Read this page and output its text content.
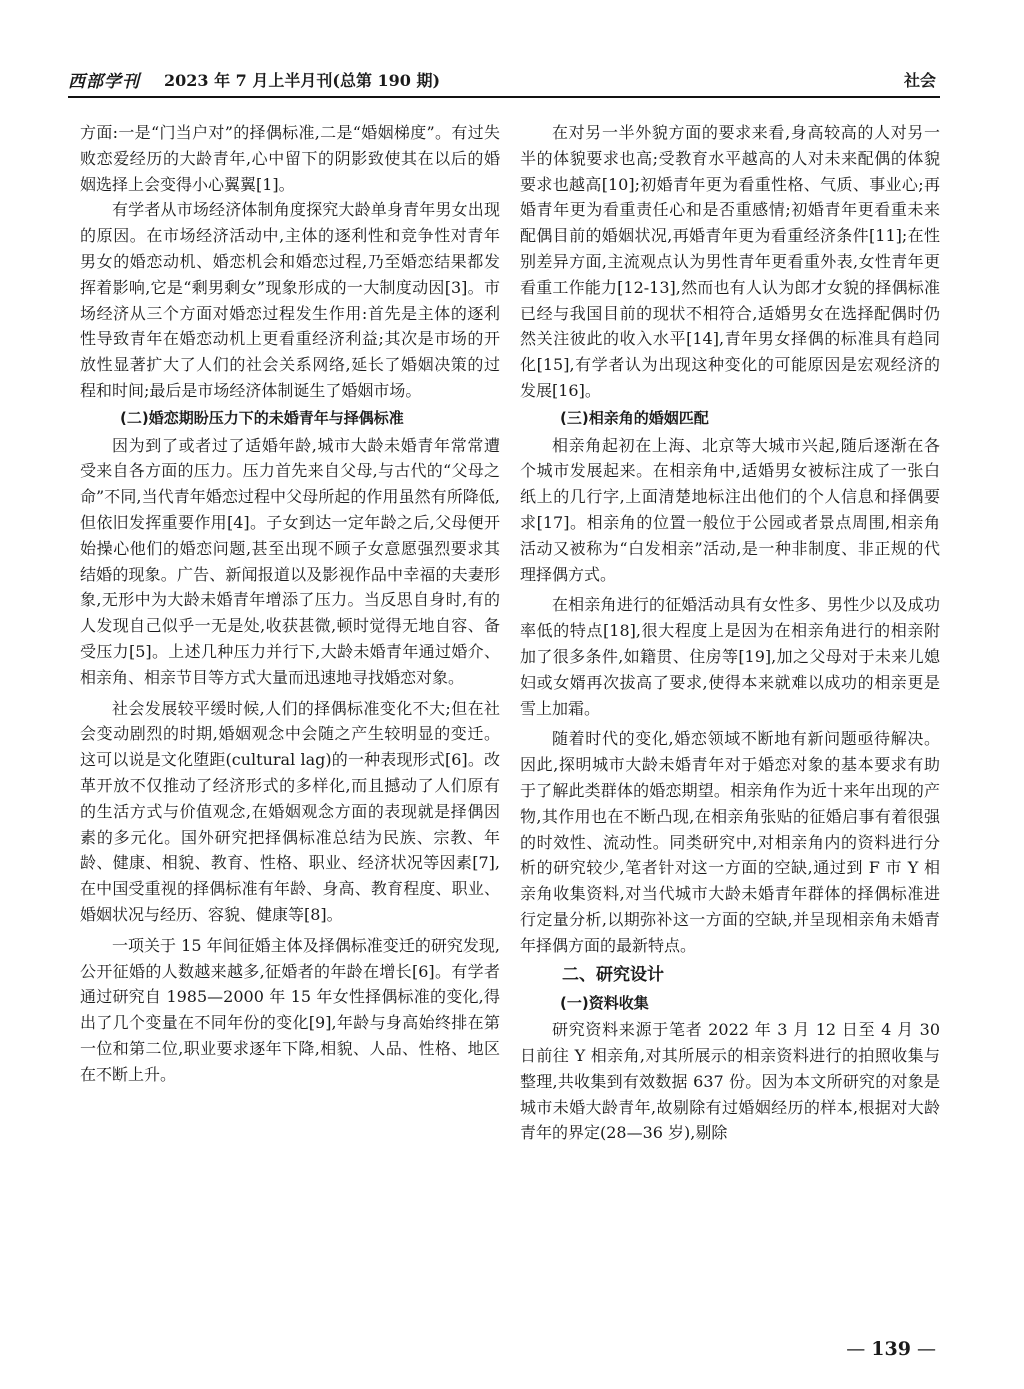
西部学刊 2023 年 7 月上半月刊(总第 190 期)	社会

方面:一是“门当户对”的择偶标准,二是“婚姻梯度”。有过失败恋爱经历的大龄青年,心中留下的阴影致使其在以后的婚姻选择上会变得小心翼翼[1]。

有学者从市场经济体制角度探究大龄单身青年男女出现的原因。在市场经济活动中,主体的逐利性和竞争性对青年男女的婚恋动机、婚恋机会和婚恋过程,乃至婚恋结果都发挥着影响,它是“剩男剩女”现象形成的一大制度动因[3]。市场经济从三个方面对婚恋过程发生作用:首先是主体的逐利性导致青年在婚恋动机上更看重经济利益;其次是市场的开放性显著扩大了人们的社会关系网络,延长了婚姻决策的过程和时间;最后是市场经济体制诞生了婚姻市场。

(二)婚恋期盼压力下的未婚青年与择偶标准

因为到了或者过了适婚年龄,城市大龄未婚青年常常遭受来自各方面的压力。压力首先来自父母,与古代的“父母之命”不同,当代青年婚恋过程中父母所起的作用虽然有所降低,但依旧发挥重要作用[4]。子女到达一定年龄之后,父母便开始操心他们的婚恋问题,甚至出现不顾子女意愿强烈要求其结婚的现象。广告、新闻报道以及影视作品中幸福的夫妻形象,无形中为大龄未婚青年增添了压力。当反思自身时,有的人发现自己似乎一无是处,收获甚微,顿时觉得无地自容、备受压力[5]。上述几种压力并行下,大龄未婚青年通过婚介、相亲角、相亲节目等方式大量而迅速地寻找婚恋对象。

社会发展较平缓时候,人们的择偶标准变化不大;但在社会变动剧烈的时期,婚姻观念中会随之产生较明显的变迁。这可以说是文化堕距(cultural lag)的一种表现形式[6]。改革开放不仅推动了经济形式的多样化,而且撼动了人们原有的生活方式与价值观念,在婚姻观念方面的表现就是择偶因素的多元化。国外研究把择偶标准总结为民族、宗教、年龄、健康、相貌、教育、性格、职业、经济状况等因素[7],在中国受重视的择偶标准有年龄、身高、教育程度、职业、婚姻状况与经历、容貌、健康等[8]。

一项关于 15 年间征婚主体及择偶标准变迁的研究发现,公开征婚的人数越来越多,征婚者的年龄在增长[6]。有学者通过研究自 1985—2000 年 15 年女性择偶标准的变化,得出了几个变量在不同年份的变化[9],年龄与身高始终排在第一位和第二位,职业要求逐年下降,相貌、人品、性格、地区在不断上升。

在对另一半外貌方面的要求来看,身高较高的人对另一半的体貌要求也高;受教育水平越高的人对未来配偶的体貌要求也越高[10];初婚青年更为看重性格、气质、事业心;再婚青年更为看重责任心和是否重感情;初婚青年更看重未来配偶目前的婚姻状况,再婚青年更为看重经济条件[11];在性别差异方面,主流观点认为男性青年更看重外表,女性青年更看重工作能力[12-13],然而也有人认为郎才女貌的择偶标准已经与我国目前的现状不相符合,适婚男女在选择配偶时仍然关注彼此的收入水平[14],青年男女择偶的标准具有趋同化[15],有学者认为出现这种变化的可能原因是宏观经济的发展[16]。

(三)相亲角的婚姻匹配

相亲角起初在上海、北京等大城市兴起,随后逐渐在各个城市发展起来。在相亲角中,适婚男女被标注成了一张白纸上的几行字,上面清楚地标注出他们的个人信息和择偶要求[17]。相亲角的位置一般位于公园或者景点周围,相亲角活动又被称为“白发相亲”活动,是一种非制度、非正规的代理择偶方式。

在相亲角进行的征婚活动具有女性多、男性少以及成功率低的特点[18],很大程度上是因为在相亲角进行的相亲附加了很多条件,如籍贯、住房等[19],加之父母对于未来儿媳妇或女婿再次拔高了要求,使得本来就难以成功的相亲更是雪上加霜。

随着时代的变化,婚恋领域不断地有新问题亟待解决。因此,探明城市大龄未婚青年对于婚恋对象的基本要求有助于了解此类群体的婚恋期望。相亲角作为近十来年出现的产物,其作用也在不断凸现,在相亲角张贴的征婚启事有着很强的时效性、流动性。同类研究中,对相亲角内的资料进行分析的研究较少,笔者针对这一方面的空缺,通过到 F 市 Y 相亲角收集资料,对当代城市大龄未婚青年群体的择偶标准进行定量分析,以期弥补这一方面的空缺,并呈现相亲角未婚青年择偶方面的最新特点。

二、研究设计
(一)资料收集

研究资料来源于笔者 2022 年 3 月 12 日至 4 月 30 日前往 Y 相亲角,对其所展示的相亲资料进行的拍照收集与整理,共收集到有效数据 637 份。因为本文所研究的对象是城市未婚大龄青年,故剔除有过婚姻经历的样本,根据对大龄青年的界定(28—36 岁),剔除

— 139 —
